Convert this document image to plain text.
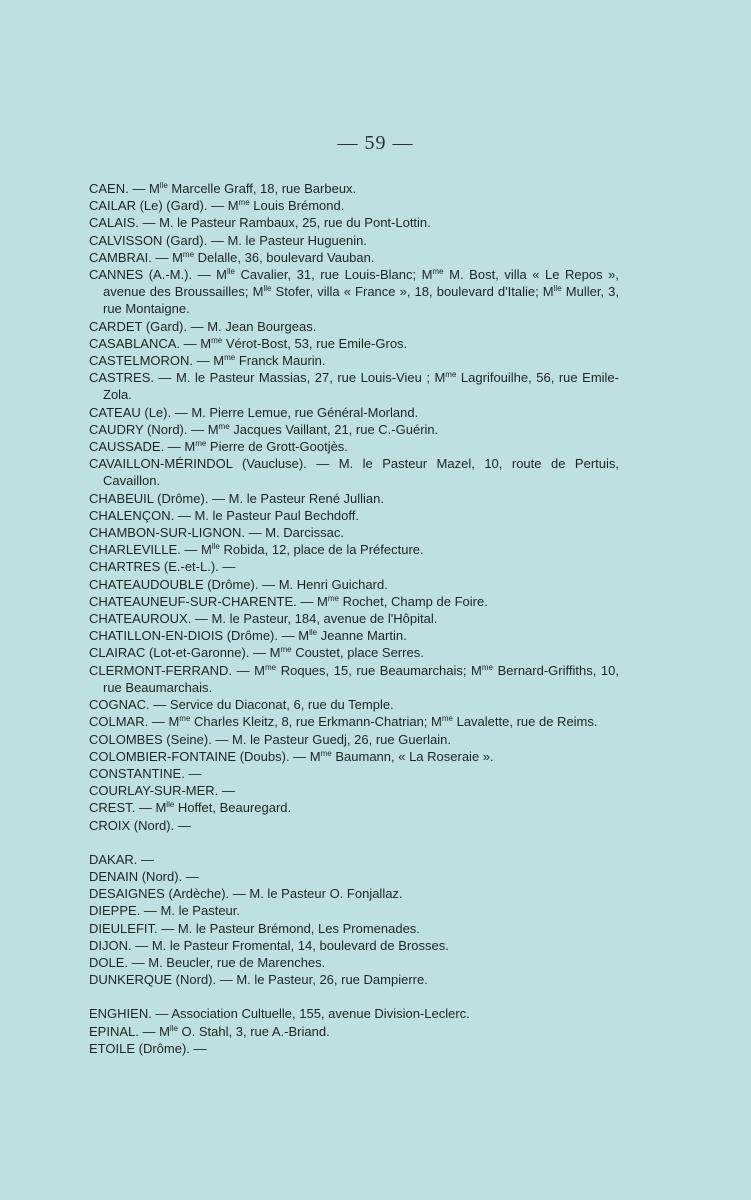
— 59 —
CAEN. — $M^{lle}$ Marcelle Graff, 18, rue Barbeux.
CAILAR (Le) (Gard). — $M^{me}$ Louis Brémond.
CALAIS. — M. le Pasteur Rambaux, 25, rue du Pont-Lottin.
CALVISSON (Gard). — M. le Pasteur Huguenin.
CAMBRAI. — $M^{me}$ Delalle, 36, boulevard Vauban.
CANNES (A.-M.). — $M^{lle}$ Cavalier, 31, rue Louis-Blanc; $M^{me}$ M. Bost, villa « Le Repos », avenue des Broussailles; $M^{lle}$ Stofer, villa « France », 18, boulevard d'Italie; $M^{lle}$ Muller, 3, rue Montaigne.
CARDET (Gard). — M. Jean Bourgeas.
CASABLANCA. — $M^{me}$ Vérot-Bost, 53, rue Emile-Gros.
CASTELMORON. — $M^{me}$ Franck Maurin.
CASTRES. — M. le Pasteur Massias, 27, rue Louis-Vieu ; $M^{me}$ Lagrifouilhe, 56, rue Emile-Zola.
CATEAU (Le). — M. Pierre Lemue, rue Général-Morland.
CAUDRY (Nord). — $M^{me}$ Jacques Vaillant, 21, rue C.-Guérin.
CAUSSADE. — $M^{me}$ Pierre de Grott-Gootjès.
CAVAILLON-MÉRINDOL (Vaucluse). — M. le Pasteur Mazel, 10, route de Pertuis, Cavaillon.
CHABEUIL (Drôme). — M. le Pasteur René Jullian.
CHALENÇON. — M. le Pasteur Paul Bechdoff.
CHAMBON-SUR-LIGNON. — M. Darcissac.
CHARLEVILLE. — $M^{lle}$ Robida, 12, place de la Préfecture.
CHARTRES (E.-et-L.). —
CHATEAUDOUBLE (Drôme). — M. Henri Guichard.
CHATEAUNEUF-SUR-CHARENTE. — $M^{me}$ Rochet, Champ de Foire.
CHATEAUROUX. — M. le Pasteur, 184, avenue de l'Hôpital.
CHATILLON-EN-DIOIS (Drôme). — $M^{lle}$ Jeanne Martin.
CLAIRAC (Lot-et-Garonne). — $M^{me}$ Coustet, place Serres.
CLERMONT-FERRAND. — $M^{me}$ Roques, 15, rue Beaumarchais; $M^{me}$ Bernard-Griffiths, 10, rue Beaumarchais.
COGNAC. — Service du Diaconat, 6, rue du Temple.
COLMAR. — $M^{me}$ Charles Kleitz, 8, rue Erkmann-Chatrian; $M^{me}$ Lavalette, rue de Reims.
COLOMBES (Seine). — M. le Pasteur Guedj, 26, rue Guerlain.
COLOMBIER-FONTAINE (Doubs). — $M^{me}$ Baumann, « La Roseraie ».
CONSTANTINE. —
COURLAY-SUR-MER. —
CREST. — $M^{lle}$ Hoffet, Beauregard.
CROIX (Nord). —
DAKAR. —
DENAIN (Nord). —
DESAIGNES (Ardèche). — M. le Pasteur O. Fonjallaz.
DIEPPE. — M. le Pasteur.
DIEULEFIT. — M. le Pasteur Brémond, Les Promenades.
DIJON. — M. le Pasteur Fromental, 14, boulevard de Brosses.
DOLE. — M. Beucler, rue de Marenches.
DUNKERQUE (Nord). — M. le Pasteur, 26, rue Dampierre.
ENGHIEN. — Association Cultuelle, 155, avenue Division-Leclerc.
EPINAL. — $M^{lle}$ O. Stahl, 3, rue A.-Briand.
ETOILE (Drôme). —
